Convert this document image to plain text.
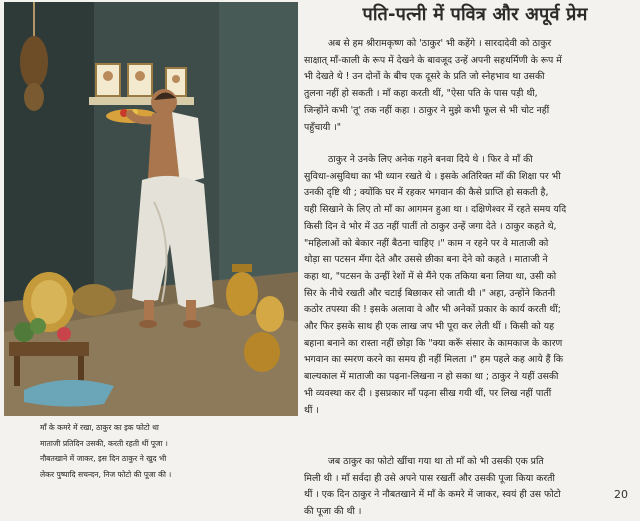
माँ के कमरे में रखा, ठाकुर का इक फोटो था
माताजी प्रतिदिन उसकी, करती रहती थीं पूजा ।
नौबतखाने में जाकर, इस दिन ठाकुर ने खुद भी
लेकर पुष्पादि सचन्दन, निज फोटो की पूजा की ।
पति-पत्नी में पवित्र और अपूर्व प्रेम
अब से हम श्रीरामकृष्ण को 'ठाकुर' भी कहेंगे । सारदादेवी को ठाकुर
साक्षात् माँ-काली के रूप में देखने के बावजूद उन्हें अपनी सहधर्मिणी के रूप में
भी देखते थे ! उन दोनों के बीच एक दूसरे के प्रति जो स्नेहभाव था उसकी
तुलना नहीं हो सकती । माँ कहा करती थीं, "ऐसा पति के पास पड़ी थी,
जिन्होंने कभी 'तू' तक नहीं कहा । ठाकुर ने मुझे कभी फूल से भी चोट नहीं
पहुँचायी ।"
ठाकुर ने उनके लिए अनेक गहने बनवा दिये थे । फिर वे माँ की
सुविधा-असुविधा का भी ध्यान रखते थे । इसके अतिरिक्त माँ की शिक्षा पर भी
उनकी दृष्टि थी ; क्योंकि घर में रहकर भगवान की कैसे प्राप्ति हो सकती है,
यही सिखाने के लिए तो माँ का आगमन हुआ था । दक्षिणेश्वर में रहते समय यदि
किसी दिन वे भोर में उठ नहीं पातीं तो ठाकुर उन्हें जगा देते । ठाकुर कहते थे,
"महिलाओं को बेकार नहीं बैठना चाहिए ।" काम न रहने पर वे माताजी को
थोड़ा सा पटसन मँगा देते और उससे छीका बना देने को कहते । माताजी ने
कहा था, "पटसन के उन्हीं रेशों में से मैंने एक तकिया बना लिया था, उसी को
सिर के नीचे रखती और चटाई बिछाकर सो जाती थी ।" अहा, उन्होंने कितनी
कठोर तपस्या की ! इसके अलावा वे और भी अनेकों प्रकार के कार्य करती थीं;
और फिर इसके साथ ही एक लाख जप भी पूरा कर लेती थीं । किसी को यह
बहाना बनाने का रास्ता नहीं छोड़ा कि "क्या करूँ संसार के कामकाज के कारण
भगवान का स्मरण करने का समय ही नहीं मिलता ।" हम पहले कह आये हैं कि
बाल्यकाल में माताजी का पढ़ना-लिखना न हो सका था ; ठाकुर ने यहीं उसकी
भी व्यवस्था कर दी । इसप्रकार माँ पढ़ना सीख गयी थीं, पर लिख नहीं पातीं
थीं ।
जब ठाकुर का फोटो खींचा गया था तो माँ को भी उसकी एक प्रति
मिली थी । माँ सर्वदा ही उसे अपने पास रखतीं और उसकी पूजा किया करती
थीं । एक दिन ठाकुर ने नौबतखाने में माँ के कमरे में जाकर, स्वयं ही उस फोटो
की पूजा की थी ।
20
